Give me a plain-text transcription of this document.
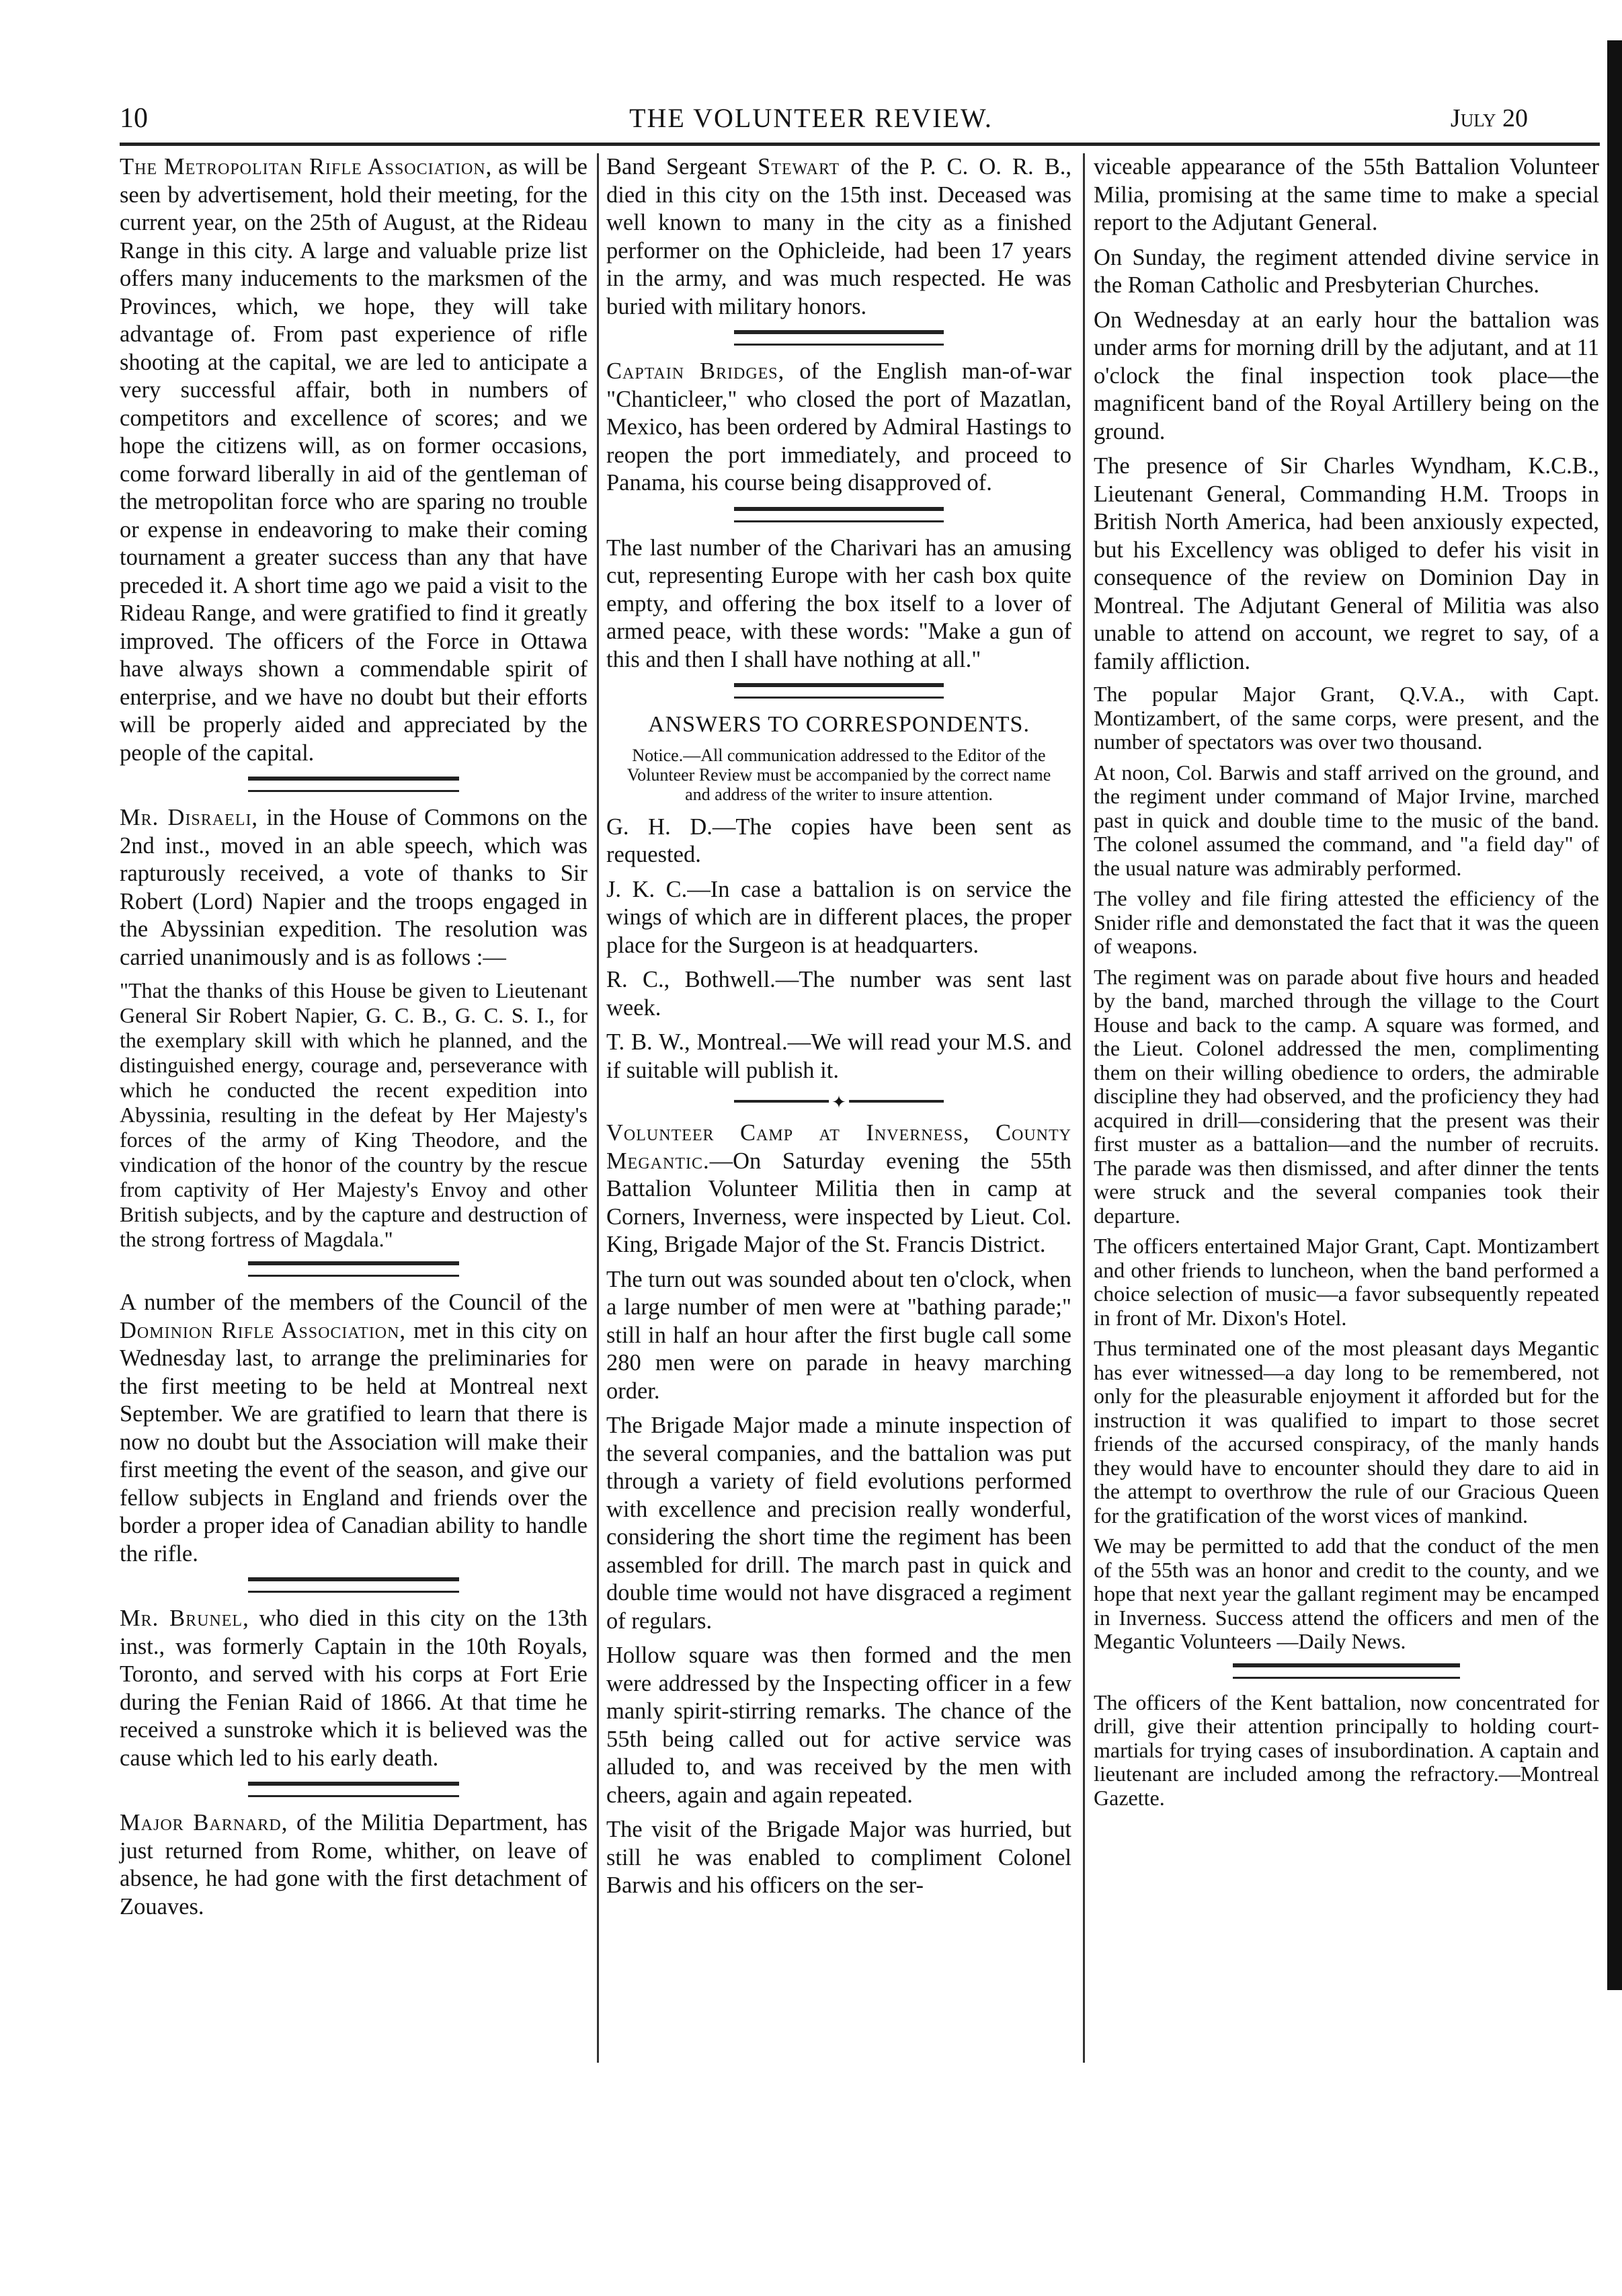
10	THE VOLUNTEER REVIEW.	July 20

The Metropolitan Rifle Association, as will be seen by advertisement, hold their meeting, for the current year, on the 25th of August, at the Rideau Range in this city. A large and valuable prize list offers many inducements to the marksmen of the Provinces, which, we hope, they will take advantage of. From past experience of rifle shooting at the capital, we are led to anticipate a very successful affair, both in numbers of competitors and excellence of scores; and we hope the citizens will, as on former occasions, come forward liberally in aid of the gentleman of the metropolitan force who are sparing no trouble or expense in endeavoring to make their coming tournament a greater success than any that have preceded it. A short time ago we paid a visit to the Rideau Range, and were gratified to find it greatly improved. The officers of the Force in Ottawa have always shown a commendable spirit of enterprise, and we have no doubt but their efforts will be properly aided and appreciated by the people of the capital.

Mr. Disraeli, in the House of Commons on the 2nd inst., moved in an able speech, which was rapturously received, a vote of thanks to Sir Robert (Lord) Napier and the troops engaged in the Abyssinian expedition. The resolution was carried unanimously and is as follows :—

"That the thanks of this House be given to Lieutenant General Sir Robert Napier, G. C. B., G. C. S. I., for the exemplary skill with which he planned, and the distinguished energy, courage and, perseverance with which he conducted the recent expedition into Abyssinia, resulting in the defeat by Her Majesty's forces of the army of King Theodore, and the vindication of the honor of the country by the rescue from captivity of Her Majesty's Envoy and other British subjects, and by the capture and destruction of the strong fortress of Magdala."

A number of the members of the Council of the Dominion Rifle Association, met in this city on Wednesday last, to arrange the preliminaries for the first meeting to be held at Montreal next September. We are gratified to learn that there is now no doubt but the Association will make their first meeting the event of the season, and give our fellow subjects in England and friends over the border a proper idea of Canadian ability to handle the rifle.

Mr. Brunel, who died in this city on the 13th inst., was formerly Captain in the 10th Royals, Toronto, and served with his corps at Fort Erie during the Fenian Raid of 1866. At that time he received a sunstroke which it is believed was the cause which led to his early death.

Major Barnard, of the Militia Department, has just returned from Rome, whither, on leave of absence, he had gone with the first detachment of Zouaves.

Band Sergeant Stewart of the P. C. O. R. B., died in this city on the 15th inst. Deceased was well known to many in the city as a finished performer on the Ophicleide, had been 17 years in the army, and was much respected. He was buried with military honors.

Captain Bridges, of the English man-of-war "Chanticleer," who closed the port of Mazatlan, Mexico, has been ordered by Admiral Hastings to reopen the port immediately, and proceed to Panama, his course being disapproved of.

The last number of the Charivari has an amusing cut, representing Europe with her cash box quite empty, and offering the box itself to a lover of armed peace, with these words: "Make a gun of this and then I shall have nothing at all."

ANSWERS TO CORRESPONDENTS.
Notice.—All communication addressed to the Editor of the Volunteer Review must be accompanied by the correct name and address of the writer to insure attention.

G. H. D.—The copies have been sent as requested.

J. K. C.—In case a battalion is on service the wings of which are in different places, the proper place for the Surgeon is at headquarters.

R. C., Bothwell.—The number was sent last week.

T. B. W., Montreal.—We will read your M.S. and if suitable will publish it.

✦

Volunteer Camp at Inverness, County Megantic.—On Saturday evening the 55th Battalion Volunteer Militia then in camp at Corners, Inverness, were inspected by Lieut. Col. King, Brigade Major of the St. Francis District.

The turn out was sounded about ten o'clock, when a large number of men were at "bathing parade;" still in half an hour after the first bugle call some 280 men were on parade in heavy marching order.

The Brigade Major made a minute inspection of the several companies, and the battalion was put through a variety of field evolutions performed with excellence and precision really wonderful, considering the short time the regiment has been assembled for drill. The march past in quick and double time would not have disgraced a regiment of regulars.

Hollow square was then formed and the men were addressed by the Inspecting officer in a few manly spirit-stirring remarks. The chance of the 55th being called out for active service was alluded to, and was received by the men with cheers, again and again repeated.

The visit of the Brigade Major was hurried, but still he was enabled to compliment Colonel Barwis and his officers on the ser-

viceable appearance of the 55th Battalion Volunteer Milia, promising at the same time to make a special report to the Adjutant General.

On Sunday, the regiment attended divine service in the Roman Catholic and Presbyterian Churches.

On Wednesday at an early hour the battalion was under arms for morning drill by the adjutant, and at 11 o'clock the final inspection took place—the magnificent band of the Royal Artillery being on the ground.

The presence of Sir Charles Wyndham, K.C.B., Lieutenant General, Commanding H.M. Troops in British North America, had been anxiously expected, but his Excellency was obliged to defer his visit in consequence of the review on Dominion Day in Montreal. The Adjutant General of Militia was also unable to attend on account, we regret to say, of a family affliction.

The popular Major Grant, Q.V.A., with Capt. Montizambert, of the same corps, were present, and the number of spectators was over two thousand.

At noon, Col. Barwis and staff arrived on the ground, and the regiment under command of Major Irvine, marched past in quick and double time to the music of the band. The colonel assumed the command, and "a field day" of the usual nature was admirably performed.

The volley and file firing attested the efficiency of the Snider rifle and demonstated the fact that it was the queen of weapons.

The regiment was on parade about five hours and headed by the band, marched through the village to the Court House and back to the camp. A square was formed, and the Lieut. Colonel addressed the men, complimenting them on their willing obedience to orders, the admirable discipline they had observed, and the proficiency they had acquired in drill—considering that the present was their first muster as a battalion—and the number of recruits. The parade was then dismissed, and after dinner the tents were struck and the several companies took their departure.

The officers entertained Major Grant, Capt. Montizambert and other friends to luncheon, when the band performed a choice selection of music—a favor subsequently repeated in front of Mr. Dixon's Hotel.

Thus terminated one of the most pleasant days Megantic has ever witnessed—a day long to be remembered, not only for the pleasurable enjoyment it afforded but for the instruction it was qualified to impart to those secret friends of the accursed conspiracy, of the manly hands they would have to encounter should they dare to aid in the attempt to overthrow the rule of our Gracious Queen for the gratification of the worst vices of mankind.

We may be permitted to add that the conduct of the men of the 55th was an honor and credit to the county, and we hope that next year the gallant regiment may be encamped in Inverness. Success attend the officers and men of the Megantic Volunteers —Daily News.

The officers of the Kent battalion, now concentrated for drill, give their attention principally to holding court-martials for trying cases of insubordination. A captain and lieutenant are included among the refractory.—Montreal Gazette.
